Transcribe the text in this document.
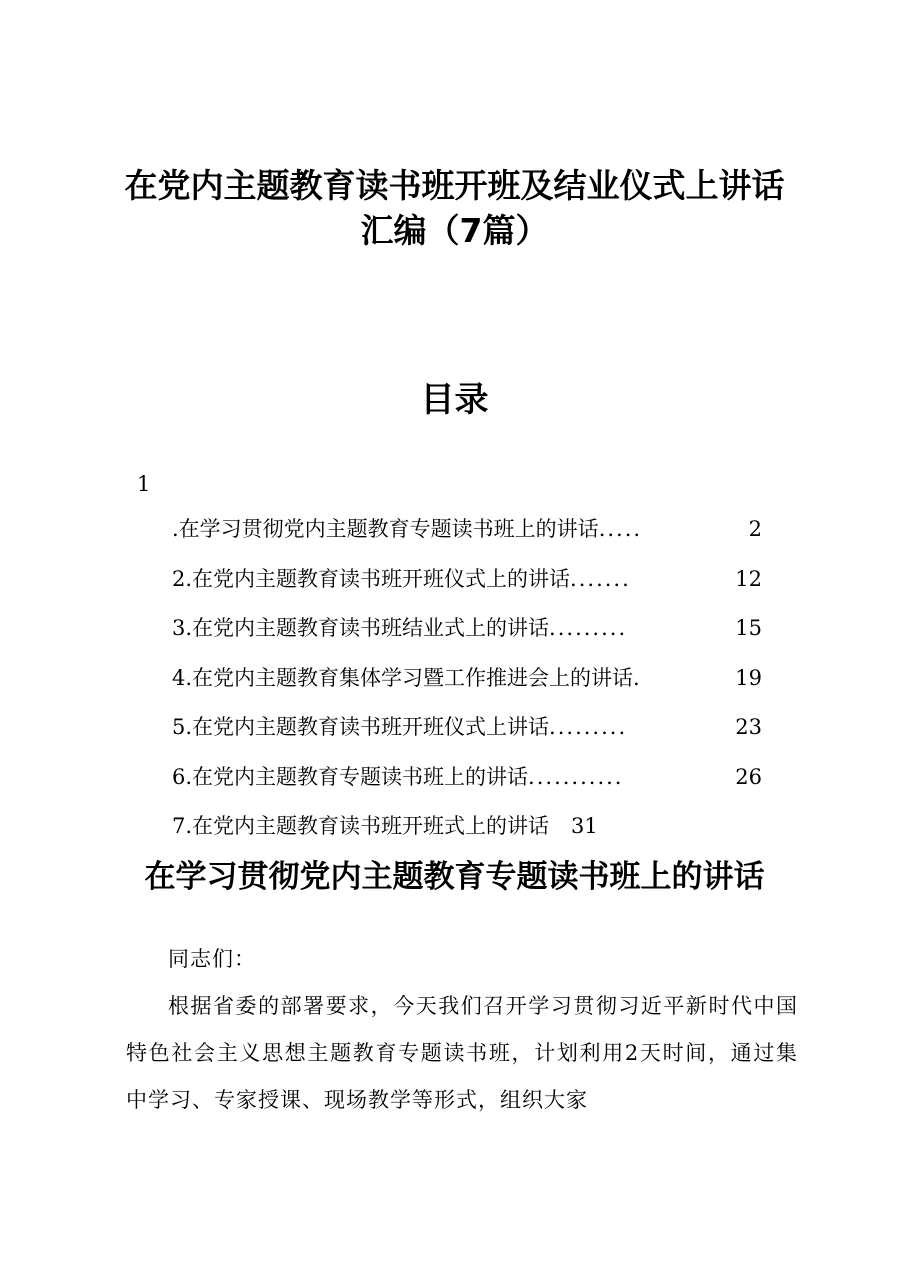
在党内主题教育读书班开班及结业仪式上讲话
汇编（7篇）
目录
1
.在学习贯彻党内主题教育专题读书班上的讲话 .....	2
2.在党内主题教育读书班开班仪式上的讲话 .......	12
3.在党内主题教育读书班结业式上的讲话 .........	15
4.在党内主题教育集体学习暨工作推进会上的讲话.	19
5.在党内主题教育读书班开班仪式上讲话 .........	23
6.在党内主题教育专题读书班上的讲话 ...........	26
7.在党内主题教育读书班开班式上的讲话 31
在学习贯彻党内主题教育专题读书班上的讲话

同志们：

根据省委的部署要求，今天我们召开学习贯彻习近平新时代中国特色社会主义思想主题教育专题读书班，计划利用2天时间，通过集中学习、专家授课、现场教学等形式，组织大家
